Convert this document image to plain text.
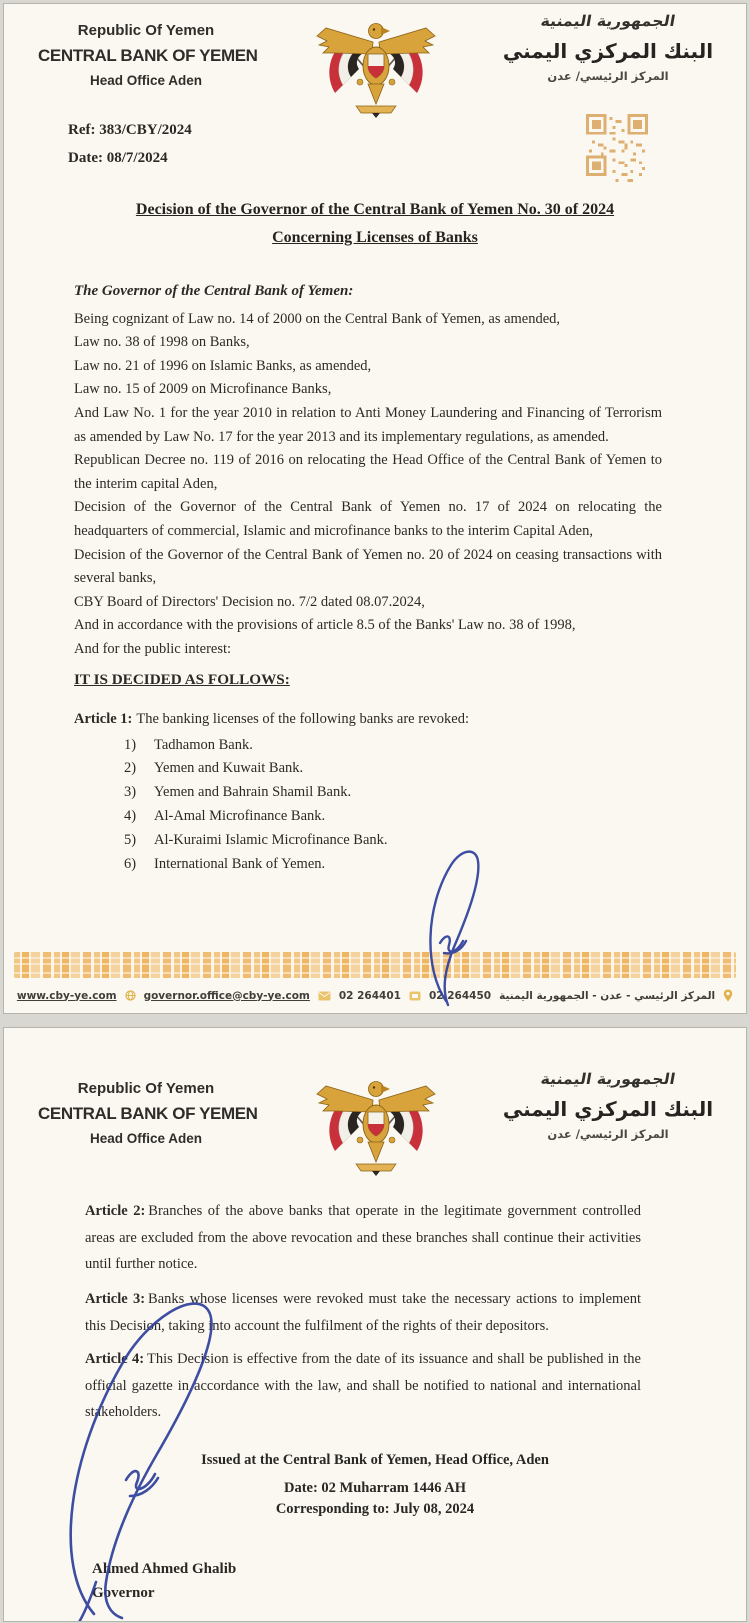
Republic Of Yemen
CENTRAL BANK OF YEMEN
Head Office Aden
الجمهورية اليمنية
البنك المركزي اليمني
المركز الرئيسي/ عدن
Ref: 383/CBY/2024
Date: 08/7/2024
Decision of the Governor of the Central Bank of Yemen No. 30 of 2024
Concerning Licenses of Banks

The Governor of the Central Bank of Yemen:

Being cognizant of Law no. 14 of 2000 on the Central Bank of Yemen, as amended,

Law no. 38 of 1998 on Banks,

Law no. 21 of 1996 on Islamic Banks, as amended,

Law no. 15 of 2009 on Microfinance Banks,

And Law No. 1 for the year 2010 in relation to Anti Money Laundering and Financing of Terrorism as amended by Law No. 17 for the year 2013 and its implementary regulations, as amended.

Republican Decree no. 119 of 2016 on relocating the Head Office of the Central Bank of Yemen to the interim capital Aden,

Decision of the Governor of the Central Bank of Yemen no. 17 of 2024 on relocating the headquarters of commercial, Islamic and microfinance banks to the interim Capital Aden,

Decision of the Governor of the Central Bank of Yemen no. 20 of 2024 on ceasing transactions with several banks,

CBY Board of Directors' Decision no. 7/2 dated 08.07.2024,

And in accordance with the provisions of article 8.5 of the Banks' Law no. 38 of 1998,

And for the public interest:

IT IS DECIDED AS FOLLOWS:

Article 1: The banking licenses of the following banks are revoked:

1)	Tadhamon Bank.
2)	Yemen and Kuwait Bank.
3)	Yemen and Bahrain Shamil Bank.
4)	Al-Amal Microfinance Bank.
5)	Al-Kuraimi Islamic Microfinance Bank.
6)	International Bank of Yemen.
www.cby-ye.com	governor.office@cby-ye.com	02 264401	02 264450 المركز الرئيسي - عدن - الجمهورية اليمنية
Republic Of Yemen
CENTRAL BANK OF YEMEN
Head Office Aden
الجمهورية اليمنية
البنك المركزي اليمني
المركز الرئيسي/ عدن

Article 2: Branches of the above banks that operate in the legitimate government controlled areas are excluded from the above revocation and these branches shall continue their activities until further notice.

Article 3: Banks whose licenses were revoked must take the necessary actions to implement this Decision, taking into account the fulfilment of the rights of their depositors.

Article 4: This Decision is effective from the date of its issuance and shall be published in the official gazette in accordance with the law, and shall be notified to national and international stakeholders.

Issued at the Central Bank of Yemen, Head Office, Aden
Date: 02 Muharram 1446 AH
Corresponding to: July 08, 2024
Ahmed Ahmed Ghalib
Governor
